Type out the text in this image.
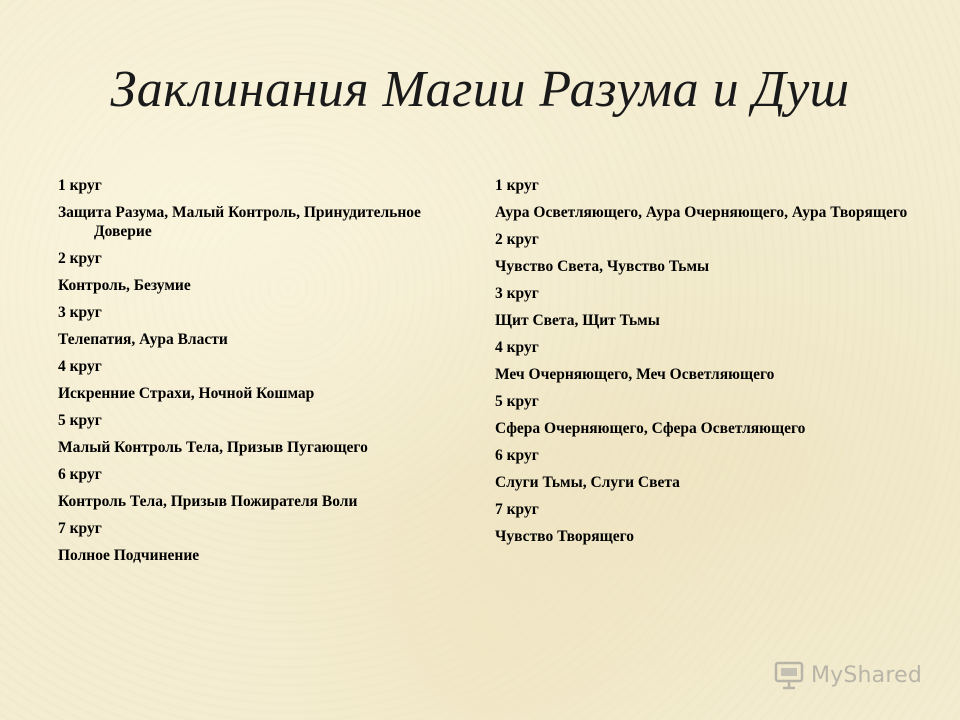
Заклинания Магии Разума и Душ
1 круг
Защита Разума, Малый Контроль, Принудительное Доверие
2 круг
Контроль, Безумие
3 круг
Телепатия, Аура Власти
4 круг
Искренние Страхи, Ночной Кошмар
5 круг
Малый Контроль Тела, Призыв Пугающего
6 круг
Контроль Тела, Призыв Пожирателя Воли
7 круг
Полное Подчинение
1 круг
Аура Осветляющего, Аура Очерняющего, Аура Творящего
2 круг
Чувство Света, Чувство Тьмы
3 круг
Щит Света, Щит Тьмы
4 круг
Меч Очерняющего, Меч Осветляющего
5 круг
Сфера Очерняющего, Сфера Осветляющего
6 круг
Слуги Тьмы, Слуги Света
7 круг
Чувство Творящего
MyShared
